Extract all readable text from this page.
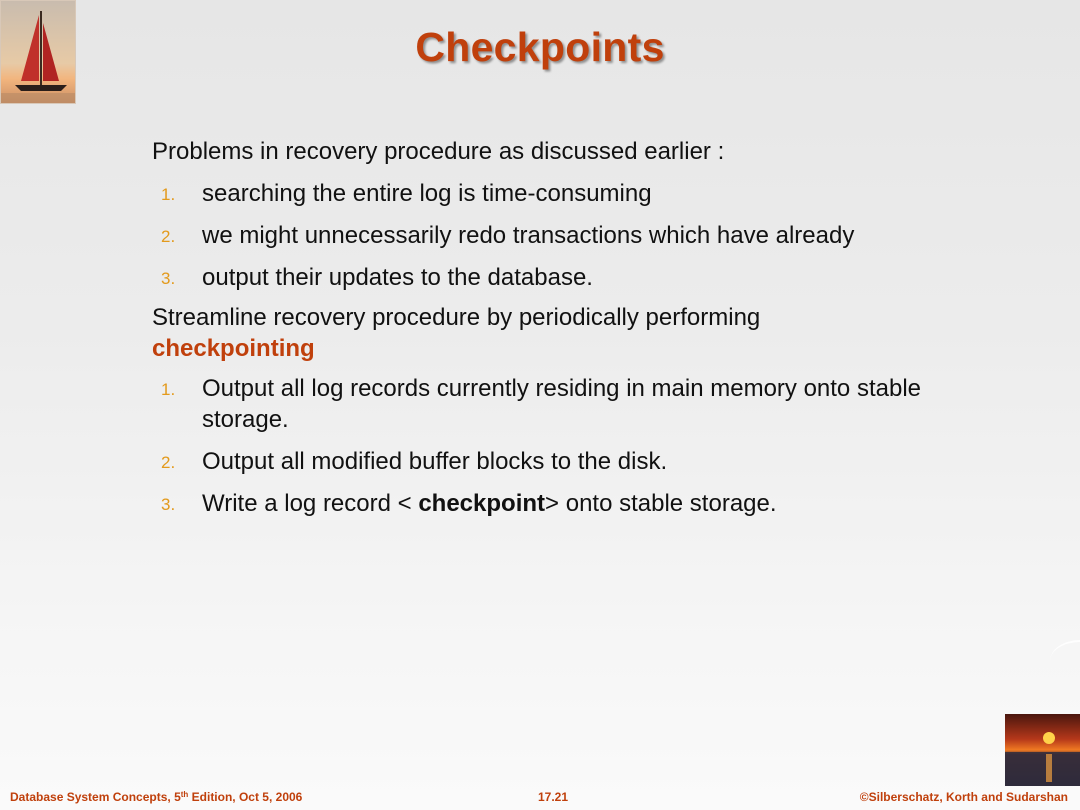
Checkpoints

Problems in recovery procedure as discussed earlier :

1. searching the entire log is time-consuming
2. we might unnecessarily redo transactions which have already
3. output their updates to the database.

Streamline recovery procedure by periodically performing
checkpointing

1. Output all log records currently residing in main memory onto stable storage.
2. Output all modified buffer blocks to the disk.
3. Write a log record < checkpoint> onto stable storage.
Database System Concepts, 5th Edition, Oct 5, 2006	17.21	©Silberschatz, Korth and Sudarshan
